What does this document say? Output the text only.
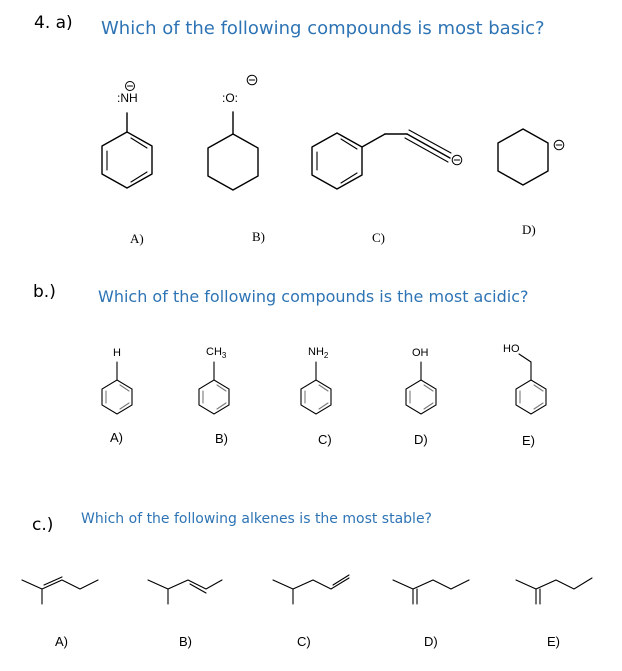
4. a) Which of the following compounds is most basic?
:NH	:O:
A)	B)	C)
D)
b.)	Which of the following compounds is the most acidic?
H	$CH_3$	$NH_2$	OH	HO
A)	B)	C)	D)	E)
c.) Which of the following alkenes is the most stable?
A)	B)	C)	D)	E)
